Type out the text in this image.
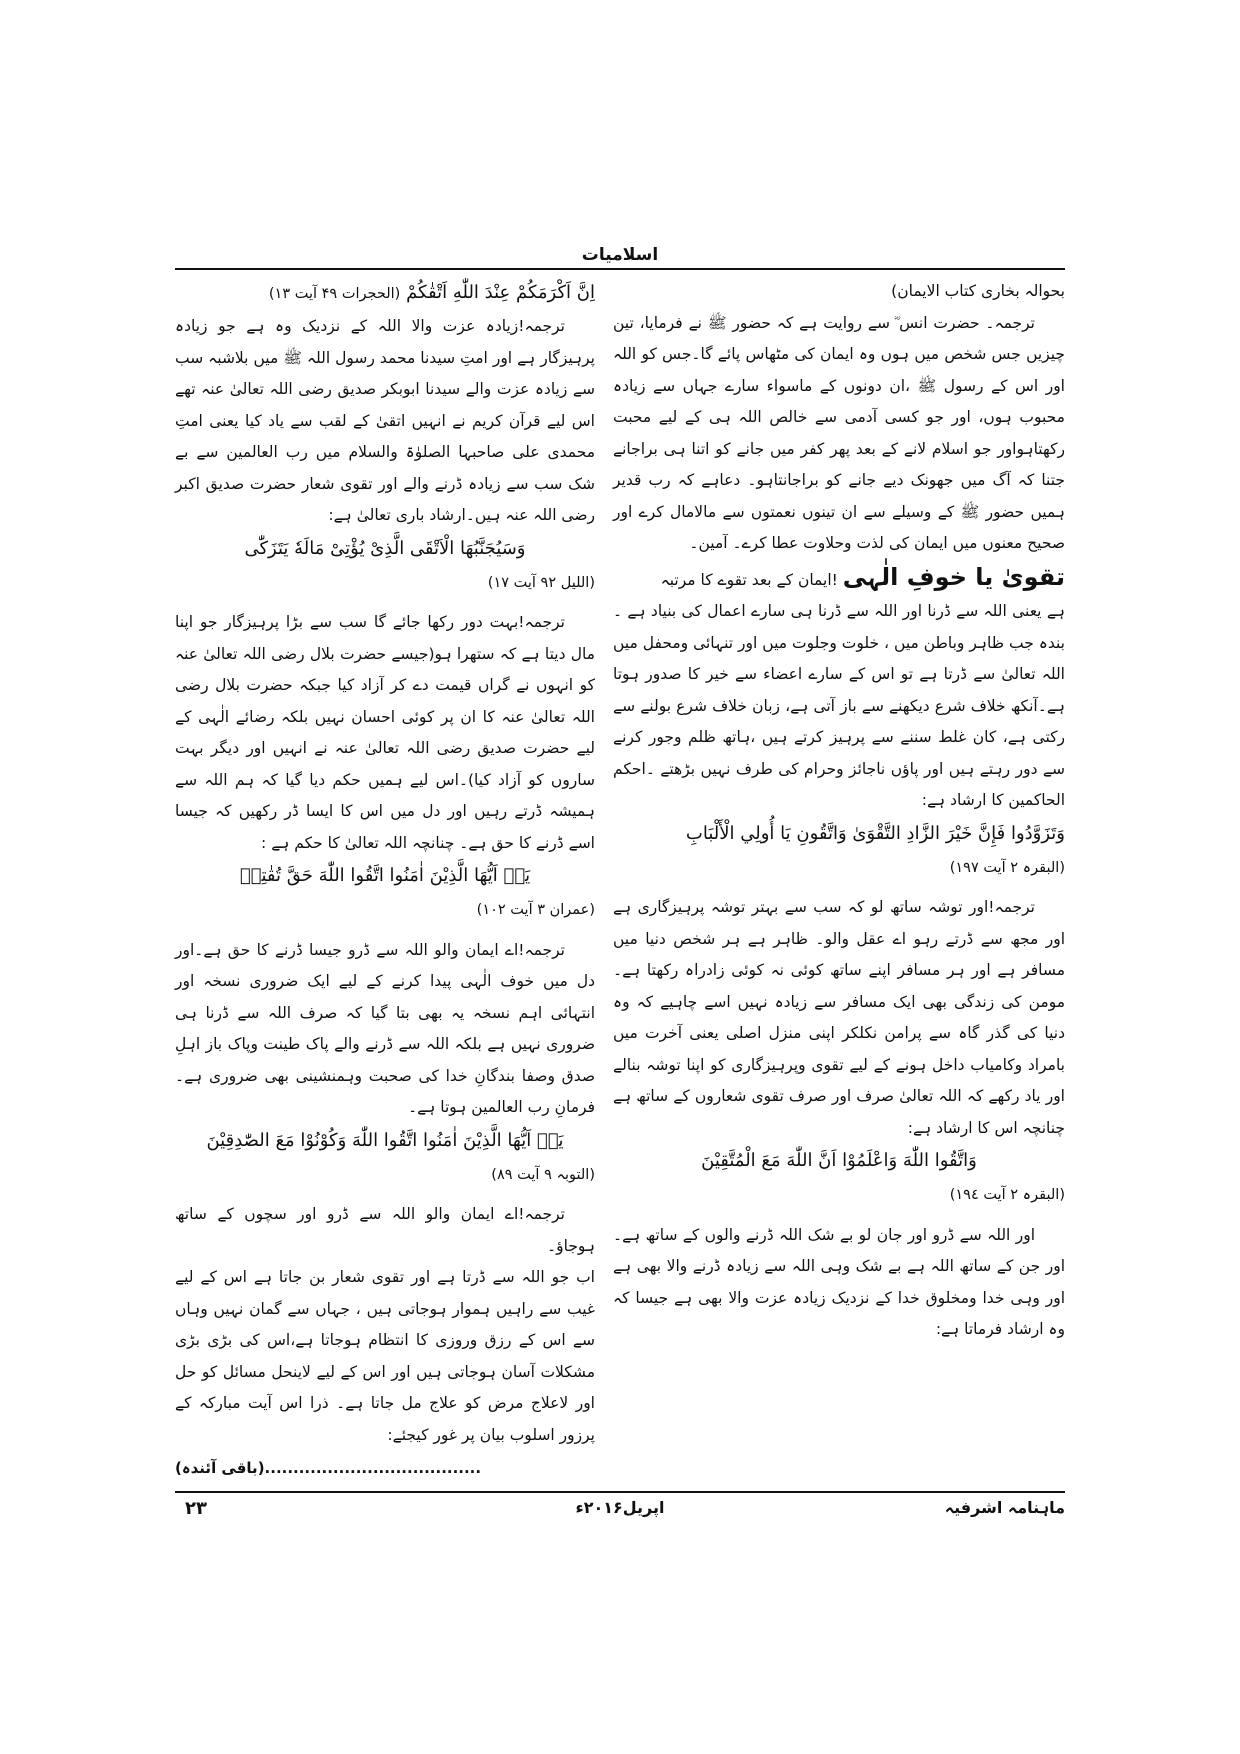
اسلامیات

بحوالہ بخاری کتاب الایمان)

ترجمہ۔ حضرت انس ؓ سے روایت ہے کہ حضور ﷺ نے فرمایا، تین چیزیں جس شخص میں ہوں وہ ایمان کی مٹھاس پائے گا۔جس کو اللہ اور اس کے رسول ﷺ ،ان دونوں کے ماسواء سارے جہاں سے زیادہ محبوب ہوں، اور جو کسی آدمی سے خالص اللہ ہی کے لیے محبت رکھتاہواور جو اسلام لانے کے بعد پھر کفر میں جانے کو اتنا ہی براجانے جتنا کہ آگ میں جھونک دیے جانے کو براجانتاہو۔ دعاہے کہ رب قدیر ہمیں حضور ﷺ کے وسیلے سے ان تینوں نعمتوں سے مالامال کرے اور صحیح معنوں میں ایمان کی لذت وحلاوت عطا کرے۔ آمین۔

تقویٰ یا خوفِ الٰہی !ایمان کے بعد تقوے کا مرتبہ

ہے یعنی اللہ سے ڈرنا اور اللہ سے ڈرنا ہی سارے اعمال کی بنیاد ہے ۔بندہ جب ظاہر وباطن میں ، خلوت وجلوت میں اور تنہائی ومحفل میں اللہ تعالیٰ سے ڈرتا ہے تو اس کے سارے اعضاء سے خیر کا صدور ہوتا ہے۔آنکھ خلاف شرع دیکھنے سے باز آتی ہے، زبان خلاف شرع بولنے سے رکتی ہے، کان غلط سننے سے پرہیز کرتے ہیں ،ہاتھ ظلم وجور کرنے سے دور رہتے ہیں اور پاؤں ناجائز وحرام کی طرف نہیں بڑھتے ۔احکم الحاکمین کا ارشاد ہے:

وَتَزَوَّدُوا فَإِنَّ خَيْرَ الزَّادِ التَّقْوَىٰ وَاتَّقُونِ يَا أُولِي الْأَلْبَابِ

(البقرہ ۲ آیت ۱۹۷)

ترجمہ!اور توشہ ساتھ لو کہ سب سے بہتر توشہ پرہیزگاری ہے اور مجھ سے ڈرتے رہو اے عقل والو۔ ظاہر ہے ہر شخص دنیا میں مسافر ہے اور ہر مسافر اپنے ساتھ کوئی نہ کوئی زادراہ رکھتا ہے۔ مومن کی زندگی بھی ایک مسافر سے زیادہ نہیں اسے چاہیے کہ وہ دنیا کی گذر گاہ سے پرامن نکلکر اپنی منزل اصلی یعنی آخرت میں بامراد وکامیاب داخل ہونے کے لیے تقوی وپرہیزگاری کو اپنا توشہ بنالے اور یاد رکھے کہ اللہ تعالیٰ صرف اور صرف تقوی شعاروں کے ساتھ ہے چنانچہ اس کا ارشاد ہے:

وَاتَّقُوا اللّٰهَ وَاعْلَمُوْا اَنَّ اللّٰهَ مَعَ الْمُتَّقِيْنَ

(البقرہ ۲ آیت ۱۹٤)

اور اللہ سے ڈرو اور جان لو بے شک اللہ ڈرنے والوں کے ساتھ ہے۔اور جن کے ساتھ اللہ ہے بے شک وہی اللہ سے زیادہ ڈرنے والا بھی ہے اور وہی خدا ومخلوق خدا کے نزدیک زیادہ عزت والا بھی ہے جیسا کہ وہ ارشاد فرماتا ہے:

اِنَّ اَكْرَمَكُمْ عِنْدَ اللّٰهِ اَتْقٰكُمْ (الحجرات ۴۹ آیت ۱۳)

ترجمہ!زیادہ عزت والا اللہ کے نزدیک وہ ہے جو زیادہ پرہیزگار ہے اور امتِ سیدنا محمد رسول اللہ ﷺ میں بلاشبہ سب سے زیادہ عزت والے سیدنا ابوبکر صدیق رضی اللہ تعالیٰ عنہ تھے اس لیے قرآن کریم نے انہیں اتقیٰ کے لقب سے یاد کیا یعنی امتِ محمدی علی صاحبہا الصلوٰۃ والسلام میں رب العالمین سے بے شک سب سے زیادہ ڈرنے والے اور تقوی شعار حضرت صدیق اکبر رضی اللہ عنہ ہیں۔ارشاد باری تعالیٰ ہے:

وَسَيُجَنَّبُهَا الْاَتْقَى الَّذِیْ يُؤْتِیْ مَالَهٗ يَتَزَكّٰى

(اللیل ۹۲ آیت ۱۷)

ترجمہ!بہت دور رکھا جائے گا سب سے بڑا پرہیزگار جو اپنا مال دیتا ہے کہ ستھرا ہو(جیسے حضرت بلال رضی اللہ تعالیٰ عنہ کو انہوں نے گراں قیمت دے کر آزاد کیا جبکہ حضرت بلال رضی اللہ تعالیٰ عنہ کا ان پر کوئی احسان نہیں بلکہ رضائے الٰہی کے لیے حضرت صدیق رضی اللہ تعالیٰ عنہ نے انہیں اور دیگر بہت ساروں کو آزاد کیا)۔اس لیے ہمیں حکم دیا گیا کہ ہم اللہ سے ہمیشہ ڈرتے رہیں اور دل میں اس کا ایسا ڈر رکھیں کہ جیسا اسے ڈرنے کا حق ہے۔ چنانچہ اللہ تعالیٰ کا حکم ہے :

يَاۤ اَيُّهَا الَّذِيْنَ اٰمَنُوا اتَّقُوا اللّٰهَ حَقَّ تُقٰتِهٖ

(عمران ۳ آیت ۱۰۲)

ترجمہ!اے ایمان والو اللہ سے ڈرو جیسا ڈرنے کا حق ہے۔اور دل میں خوف الٰہی پیدا کرنے کے لیے ایک ضروری نسخہ اور انتہائی اہم نسخہ یہ بھی بتا گیا کہ صرف اللہ سے ڈرنا ہی ضروری نہیں ہے بلکہ اللہ سے ڈرنے والے پاک طینت وپاک باز اہلِ صدق وصفا بندگانِ خدا کی صحبت وہمنشینی بھی ضروری ہے۔ فرمانِ رب العالمین ہوتا ہے۔

يَاۤ اَيُّهَا الَّذِيْنَ اٰمَنُوا اتَّقُوا اللّٰهَ وَكُوْنُوْا مَعَ الصّٰدِقِيْنَ

(التوبہ ۹ آیت ۸۹)

ترجمہ!اے ایمان والو اللہ سے ڈرو اور سچوں کے ساتھ ہوجاؤ۔

اب جو اللہ سے ڈرتا ہے اور تقوی شعار بن جاتا ہے اس کے لیے غیب سے راہیں ہموار ہوجاتی ہیں ، جہاں سے گمان نہیں وہاں سے اس کے رزق وروزی کا انتظام ہوجاتا ہے،اس کی بڑی بڑی مشکلات آسان ہوجاتی ہیں اور اس کے لیے لاینحل مسائل کو حل اور لاعلاج مرض کو علاج مل جاتا ہے۔ ذرا اس آیت مبارکہ کے پرزور اسلوب بیان پر غور کیجئے:

......................................(باقی آئندہ)
ماہنامہ اشرفیہ
اپریل۲۰۱۶ء
۲۳
